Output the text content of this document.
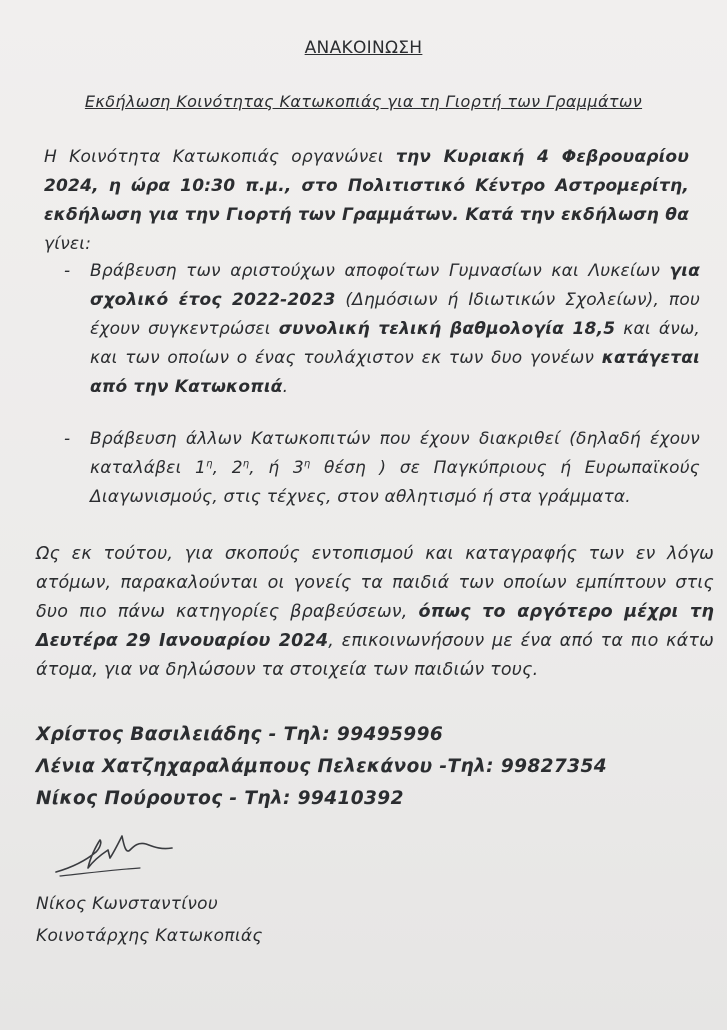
ΑΝΑΚΟΙΝΩΣΗ
Εκδήλωση Κοινότητας Κατωκοπιάς για τη Γιορτή των Γραμμάτων
Η Κοινότητα Κατωκοπιάς οργανώνει την Κυριακή 4 Φεβρουαρίου 2024, η ώρα 10:30 π.μ., στο Πολιτιστικό Κέντρο Αστρομερίτη, εκδήλωση για την Γιορτή των Γραμμάτων. Κατά την εκδήλωση θα γίνει:
- Βράβευση των αριστούχων αποφοίτων Γυμνασίων και Λυκείων για σχολικό έτος 2022-2023 (Δημόσιων ή Ιδιωτικών Σχολείων), που έχουν συγκεντρώσει συνολική τελική βαθμολογία 18,5 και άνω, και των οποίων ο ένας τουλάχιστον εκ των δυο γονέων κατάγεται από την Κατωκοπιά.
- Βράβευση άλλων Κατωκοπιτών που έχουν διακριθεί (δηλαδή έχουν καταλάβει $1^\eta$, $2^\eta$, ή $3^\eta$ θέση ) σε Παγκύπριους ή Ευρωπαϊκούς Διαγωνισμούς, στις τέχνες, στον αθλητισμό ή στα γράμματα.
Ως εκ τούτου, για σκοπούς εντοπισμού και καταγραφής των εν λόγω ατόμων, παρακαλούνται οι γονείς τα παιδιά των οποίων εμπίπτουν στις δυο πιο πάνω κατηγορίες βραβεύσεων, όπως το αργότερο μέχρι τη Δευτέρα 29 Ιανουαρίου 2024, επικοινωνήσουν με ένα από τα πιο κάτω άτομα, για να δηλώσουν τα στοιχεία των παιδιών τους.
Χρίστος Βασιλειάδης - Τηλ: 99495996
Λένια Χατζηχαραλάμπους Πελεκάνου -Τηλ: 99827354
Νίκος Πούρουτος - Τηλ: 99410392
Νίκος Κωνσταντίνου
Κοινοτάρχης Κατωκοπιάς
